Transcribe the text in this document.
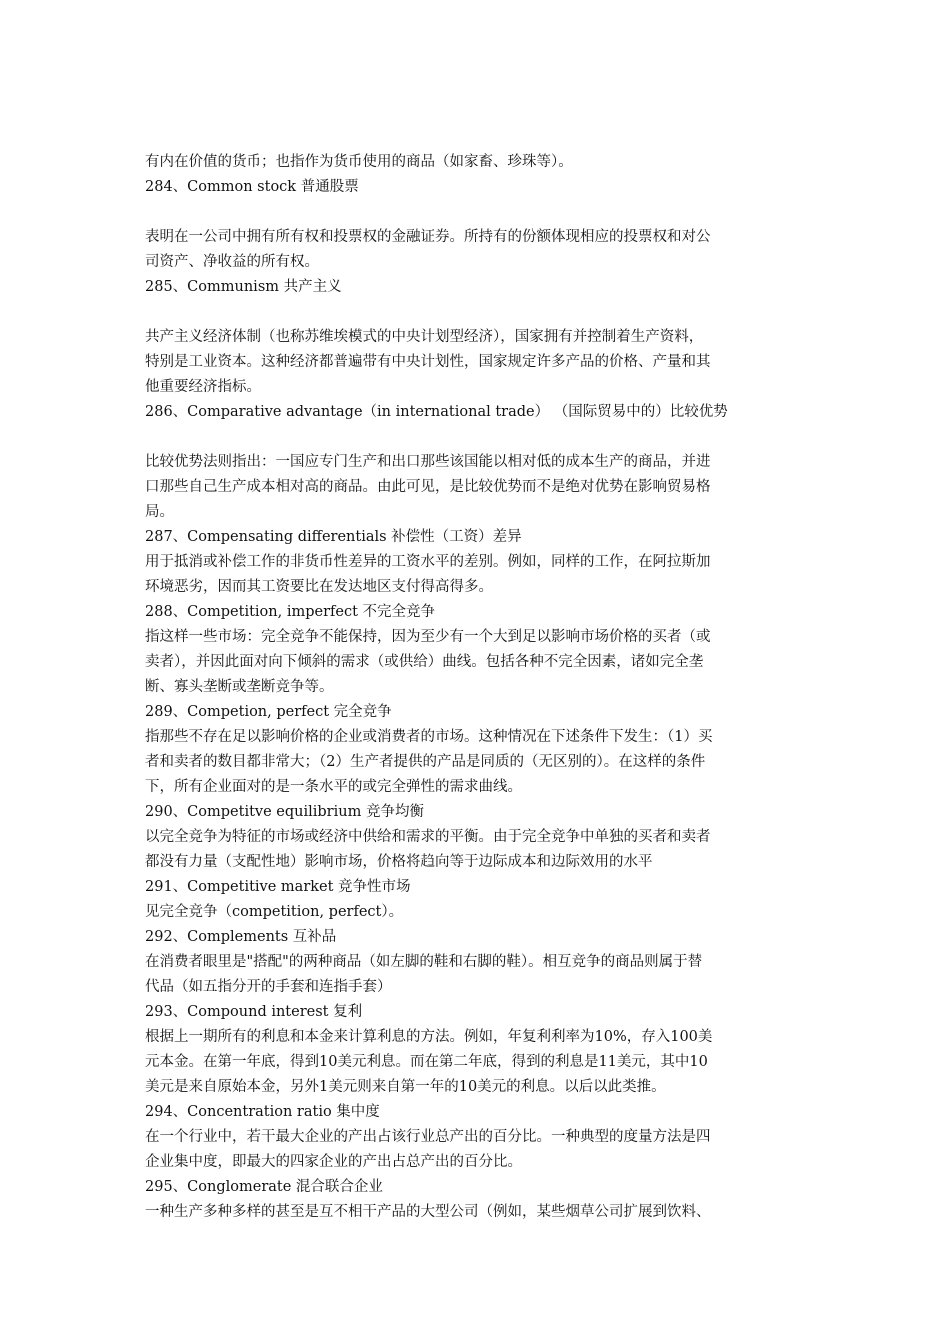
有内在价值的货币；也指作为货币使用的商品（如家畜、珍珠等）。
284、Common stock 普通股票
表明在一公司中拥有所有权和投票权的金融证券。所持有的份额体现相应的投票权和对公
司资产、净收益的所有权。
285、Communism 共产主义
共产主义经济体制（也称苏维埃模式的中央计划型经济），国家拥有并控制着生产资料，
特别是工业资本。这种经济都普遍带有中央计划性，国家规定许多产品的价格、产量和其
他重要经济指标。
286、Comparative advantage（in international trade） （国际贸易中的）比较优势
比较优势法则指出：一国应专门生产和出口那些该国能以相对低的成本生产的商品，并进
口那些自己生产成本相对高的商品。由此可见，是比较优势而不是绝对优势在影响贸易格
局。
287、Compensating differentials 补偿性（工资）差异
用于抵消或补偿工作的非货币性差异的工资水平的差别。例如，同样的工作，在阿拉斯加
环境恶劣，因而其工资要比在发达地区支付得高得多。
288、Competition, imperfect 不完全竞争
指这样一些市场：完全竞争不能保持，因为至少有一个大到足以影响市场价格的买者（或
卖者），并因此面对向下倾斜的需求（或供给）曲线。包括各种不完全因素，诸如完全垄
断、寡头垄断或垄断竞争等。
289、Competion, perfect 完全竞争
指那些不存在足以影响价格的企业或消费者的市场。这种情况在下述条件下发生：（1）买
者和卖者的数目都非常大；（2）生产者提供的产品是同质的（无区别的）。在这样的条件
下，所有企业面对的是一条水平的或完全弹性的需求曲线。
290、Competitve equilibrium 竞争均衡
以完全竞争为特征的市场或经济中供给和需求的平衡。由于完全竞争中单独的买者和卖者
都没有力量（支配性地）影响市场，价格将趋向等于边际成本和边际效用的水平
291、Competitive market 竞争性市场
见完全竞争（competition, perfect）。
292、Complements 互补品
在消费者眼里是"搭配"的两种商品（如左脚的鞋和右脚的鞋）。相互竞争的商品则属于替
代品（如五指分开的手套和连指手套）
293、Compound interest 复利
根据上一期所有的利息和本金来计算利息的方法。例如，年复利利率为10%，存入100美
元本金。在第一年底，得到10美元利息。而在第二年底，得到的利息是11美元，其中10
美元是来自原始本金，另外1美元则来自第一年的10美元的利息。以后以此类推。
294、Concentration ratio 集中度
在一个行业中，若干最大企业的产出占该行业总产出的百分比。一种典型的度量方法是四
企业集中度，即最大的四家企业的产出占总产出的百分比。
295、Conglomerate 混合联合企业
一种生产多种多样的甚至是互不相干产品的大型公司（例如，某些烟草公司扩展到饮料、
